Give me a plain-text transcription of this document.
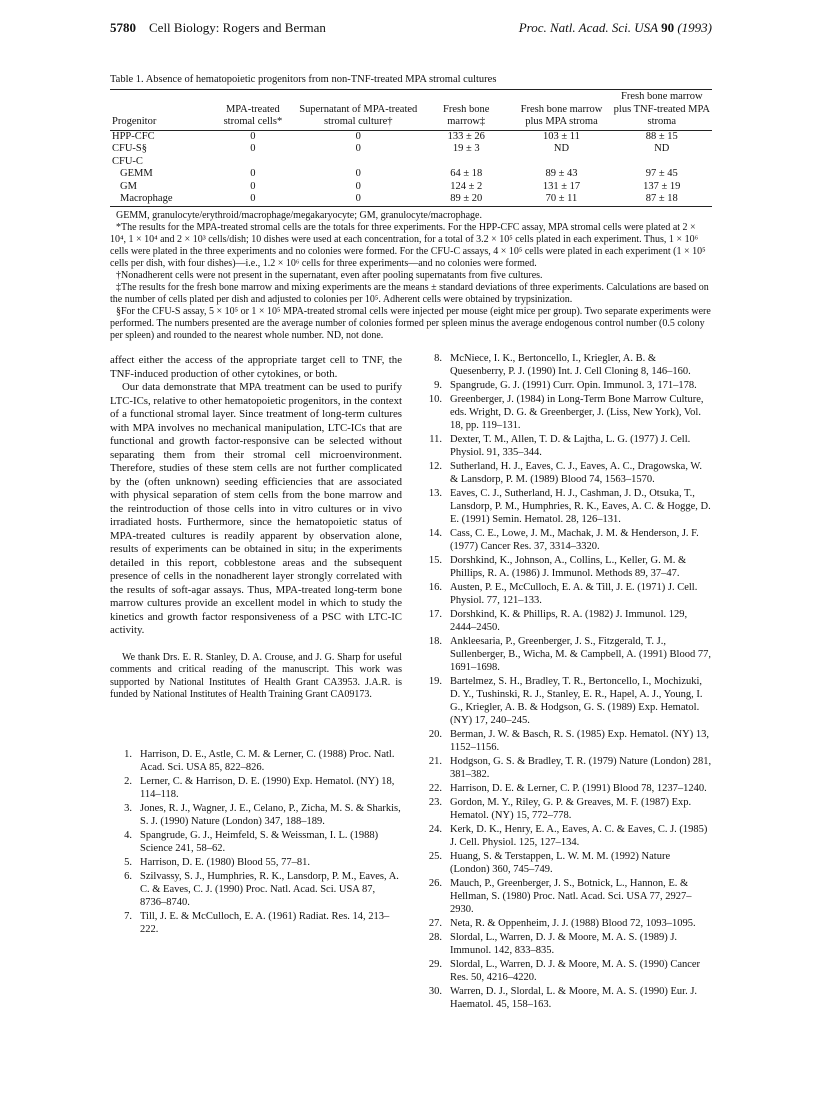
5780 Cell Biology: Rogers and Berman	Proc. Natl. Acad. Sci. USA 90 (1993)
Table 1. Absence of hematopoietic progenitors from non-TNF-treated MPA stromal cultures
Progenitor	MPA-treated stromal cells*	Supernatant of MPA-treated stromal culture†	Fresh bone marrow‡	Fresh bone marrow plus MPA stroma	Fresh bone marrow plus TNF-treated MPA stroma
HPP-CFC	0	0	133 ± 26	103 ± 11	88 ± 15
CFU-S§	0	0	19 ± 3	ND	ND
CFU-C					
GEMM	0	0	64 ± 18	89 ± 43	97 ± 45
GM	0	0	124 ± 2	131 ± 17	137 ± 19
Macrophage	0	0	89 ± 20	70 ± 11	87 ± 18

GEMM, granulocyte/erythroid/macrophage/megakaryocyte; GM, granulocyte/macrophage.

*The results for the MPA-treated stromal cells are the totals for three experiments. For the HPP-CFC assay, MPA stromal cells were plated at 2 × 10⁴, 1 × 10⁴ and 2 × 10³ cells/dish; 10 dishes were used at each concentration, for a total of 3.2 × 10⁵ cells plated in each experiment. Thus, 1 × 10⁶ cells were plated in the three experiments and no colonies were formed. For the CFU-C assays, 4 × 10⁵ cells were plated in each experiment (1 × 10⁵ cells per dish, with four dishes)—i.e., 1.2 × 10⁶ cells for three experiments—and no colonies were formed.

†Nonadherent cells were not present in the supernatant, even after pooling supernatants from five cultures.

‡The results for the fresh bone marrow and mixing experiments are the means ± standard deviations of three experiments. Calculations are based on the number of cells plated per dish and adjusted to colonies per 10⁵. Adherent cells were obtained by trypsinization.

§For the CFU-S assay, 5 × 10⁵ or 1 × 10⁵ MPA-treated stromal cells were injected per mouse (eight mice per group). Two separate experiments were performed. The numbers presented are the average number of colonies formed per spleen minus the average endogenous control number (0.5 colony per spleen) and rounded to the nearest whole number. ND, not done.

affect either the access of the appropriate target cell to TNF, the TNF-induced production of other cytokines, or both.

Our data demonstrate that MPA treatment can be used to purify LTC-ICs, relative to other hematopoietic progenitors, in the context of a functional stromal layer. Since treatment of long-term cultures with MPA involves no mechanical manipulation, LTC-ICs that are functional and growth factor-responsive can be selected without separating them from their stromal cell microenvironment. Therefore, studies of these stem cells are not further complicated by the (often unknown) seeding efficiencies that are associated with physical separation of stem cells from the bone marrow and the reintroduction of those cells into in vitro cultures or in vivo irradiated hosts. Furthermore, since the hematopoietic status of MPA-treated cultures is readily apparent by observation alone, results of experiments can be obtained in situ; in the experiments detailed in this report, cobblestone areas and the subsequent presence of cells in the nonadherent layer strongly correlated with the results of soft-agar assays. Thus, MPA-treated long-term bone marrow cultures provide an excellent model in which to study the kinetics and growth factor responsiveness of a PSC with LTC-IC activity.

We thank Drs. E. R. Stanley, D. A. Crouse, and J. G. Sharp for useful comments and critical reading of the manuscript. This work was supported by National Institutes of Health Grant CA3953. J.A.R. is funded by National Institutes of Health Training Grant CA09173.

1. Harrison, D. E., Astle, C. M. & Lerner, C. (1988) Proc. Natl. Acad. Sci. USA 85, 822–826.
2. Lerner, C. & Harrison, D. E. (1990) Exp. Hematol. (NY) 18, 114–118.
3. Jones, R. J., Wagner, J. E., Celano, P., Zicha, M. S. & Sharkis, S. J. (1990) Nature (London) 347, 188–189.
4. Spangrude, G. J., Heimfeld, S. & Weissman, I. L. (1988) Science 241, 58–62.
5. Harrison, D. E. (1980) Blood 55, 77–81.
6. Szilvassy, S. J., Humphries, R. K., Lansdorp, P. M., Eaves, A. C. & Eaves, C. J. (1990) Proc. Natl. Acad. Sci. USA 87, 8736–8740.
7. Till, J. E. & McCulloch, E. A. (1961) Radiat. Res. 14, 213–222.
8. McNiece, I. K., Bertoncello, I., Kriegler, A. B. & Quesenberry, P. J. (1990) Int. J. Cell Cloning 8, 146–160.
9. Spangrude, G. J. (1991) Curr. Opin. Immunol. 3, 171–178.
10. Greenberger, J. (1984) in Long-Term Bone Marrow Culture, eds. Wright, D. G. & Greenberger, J. (Liss, New York), Vol. 18, pp. 119–131.
11. Dexter, T. M., Allen, T. D. & Lajtha, L. G. (1977) J. Cell. Physiol. 91, 335–344.
12. Sutherland, H. J., Eaves, C. J., Eaves, A. C., Dragowska, W. & Lansdorp, P. M. (1989) Blood 74, 1563–1570.
13. Eaves, C. J., Sutherland, H. J., Cashman, J. D., Otsuka, T., Lansdorp, P. M., Humphries, R. K., Eaves, A. C. & Hogge, D. E. (1991) Semin. Hematol. 28, 126–131.
14. Cass, C. E., Lowe, J. M., Machak, J. M. & Henderson, J. F. (1977) Cancer Res. 37, 3314–3320.
15. Dorshkind, K., Johnson, A., Collins, L., Keller, G. M. & Phillips, R. A. (1986) J. Immunol. Methods 89, 37–47.
16. Austen, P. E., McCulloch, E. A. & Till, J. E. (1971) J. Cell. Physiol. 77, 121–133.
17. Dorshkind, K. & Phillips, R. A. (1982) J. Immunol. 129, 2444–2450.
18. Ankleesaria, P., Greenberger, J. S., Fitzgerald, T. J., Sullenberger, B., Wicha, M. & Campbell, A. (1991) Blood 77, 1691–1698.
19. Bartelmez, S. H., Bradley, T. R., Bertoncello, I., Mochizuki, D. Y., Tushinski, R. J., Stanley, E. R., Hapel, A. J., Young, I. G., Kriegler, A. B. & Hodgson, G. S. (1989) Exp. Hematol. (NY) 17, 240–245.
20. Berman, J. W. & Basch, R. S. (1985) Exp. Hematol. (NY) 13, 1152–1156.
21. Hodgson, G. S. & Bradley, T. R. (1979) Nature (London) 281, 381–382.
22. Harrison, D. E. & Lerner, C. P. (1991) Blood 78, 1237–1240.
23. Gordon, M. Y., Riley, G. P. & Greaves, M. F. (1987) Exp. Hematol. (NY) 15, 772–778.
24. Kerk, D. K., Henry, E. A., Eaves, A. C. & Eaves, C. J. (1985) J. Cell. Physiol. 125, 127–134.
25. Huang, S. & Terstappen, L. W. M. M. (1992) Nature (London) 360, 745–749.
26. Mauch, P., Greenberger, J. S., Botnick, L., Hannon, E. & Hellman, S. (1980) Proc. Natl. Acad. Sci. USA 77, 2927–2930.
27. Neta, R. & Oppenheim, J. J. (1988) Blood 72, 1093–1095.
28. Slordal, L., Warren, D. J. & Moore, M. A. S. (1989) J. Immunol. 142, 833–835.
29. Slordal, L., Warren, D. J. & Moore, M. A. S. (1990) Cancer Res. 50, 4216–4220.
30. Warren, D. J., Slordal, L. & Moore, M. A. S. (1990) Eur. J. Haematol. 45, 158–163.
